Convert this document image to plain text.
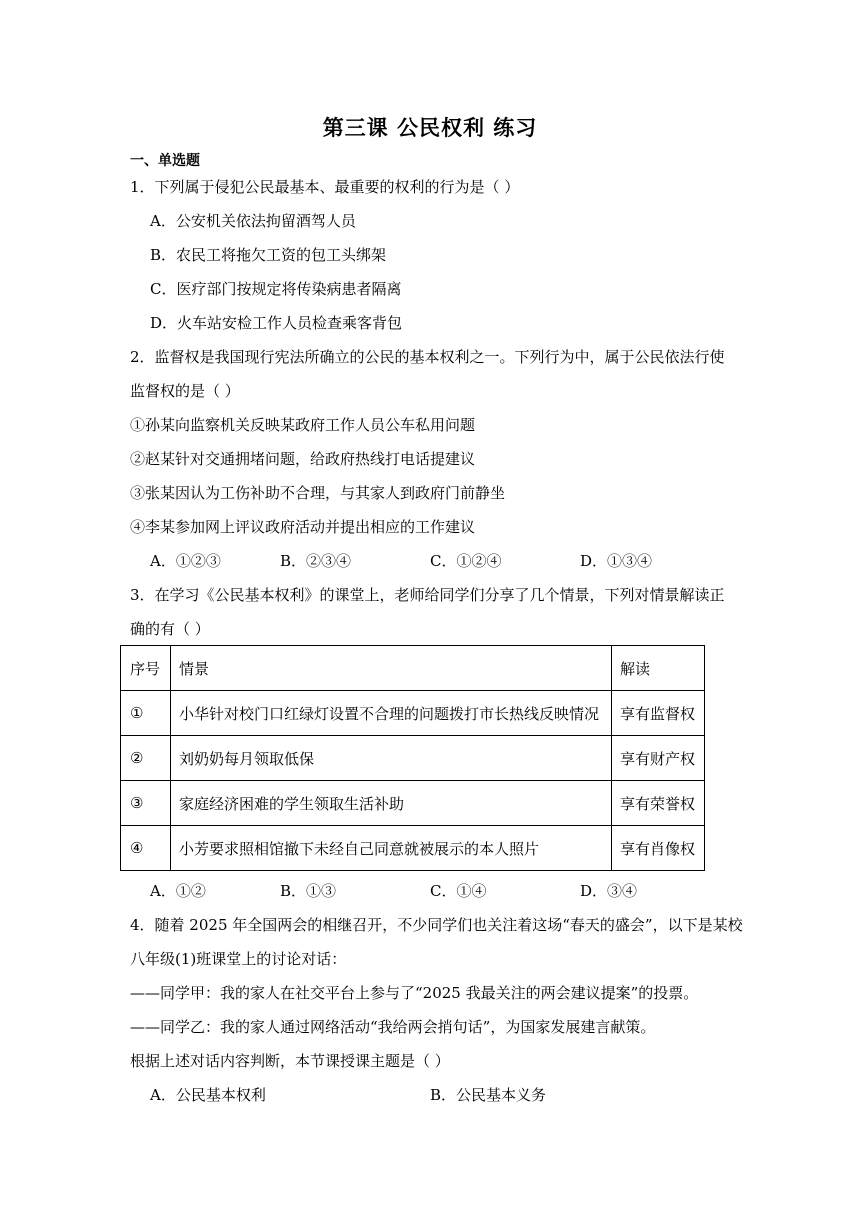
第三课 公民权利 练习
一、单选题
1．下列属于侵犯公民最基本、最重要的权利的行为是（ ）
A．公安机关依法拘留酒驾人员
B．农民工将拖欠工资的包工头绑架
C．医疗部门按规定将传染病患者隔离
D．火车站安检工作人员检查乘客背包
2．监督权是我国现行宪法所确立的公民的基本权利之一。下列行为中，属于公民依法行使
监督权的是（ ）
①孙某向监察机关反映某政府工作人员公车私用问题
②赵某针对交通拥堵问题，给政府热线打电话提建议
③张某因认为工伤补助不合理，与其家人到政府门前静坐
④李某参加网上评议政府活动并提出相应的工作建议
A．①②③	B．②③④	C．①②④	D．①③④
3．在学习《公民基本权利》的课堂上，老师给同学们分享了几个情景，下列对情景解读正
确的有（ ）
序号	情景	解读
①	小华针对校门口红绿灯设置不合理的问题拨打市长热线反映情况	享有监督权
②	刘奶奶每月领取低保	享有财产权
③	家庭经济困难的学生领取生活补助	享有荣誉权
④	小芳要求照相馆撤下未经自己同意就被展示的本人照片	享有肖像权
A．①②	B．①③	C．①④	D．③④
4．随着 2025 年全国两会的相继召开，不少同学们也关注着这场“春天的盛会”，以下是某校
八年级(1)班课堂上的讨论对话：
——同学甲：我的家人在社交平台上参与了“2025 我最关注的两会建议提案”的投票。
——同学乙：我的家人通过网络活动“我给两会捎句话”，为国家发展建言献策。
根据上述对话内容判断，本节课授课主题是（ ）
A．公民基本权利	B．公民基本义务
